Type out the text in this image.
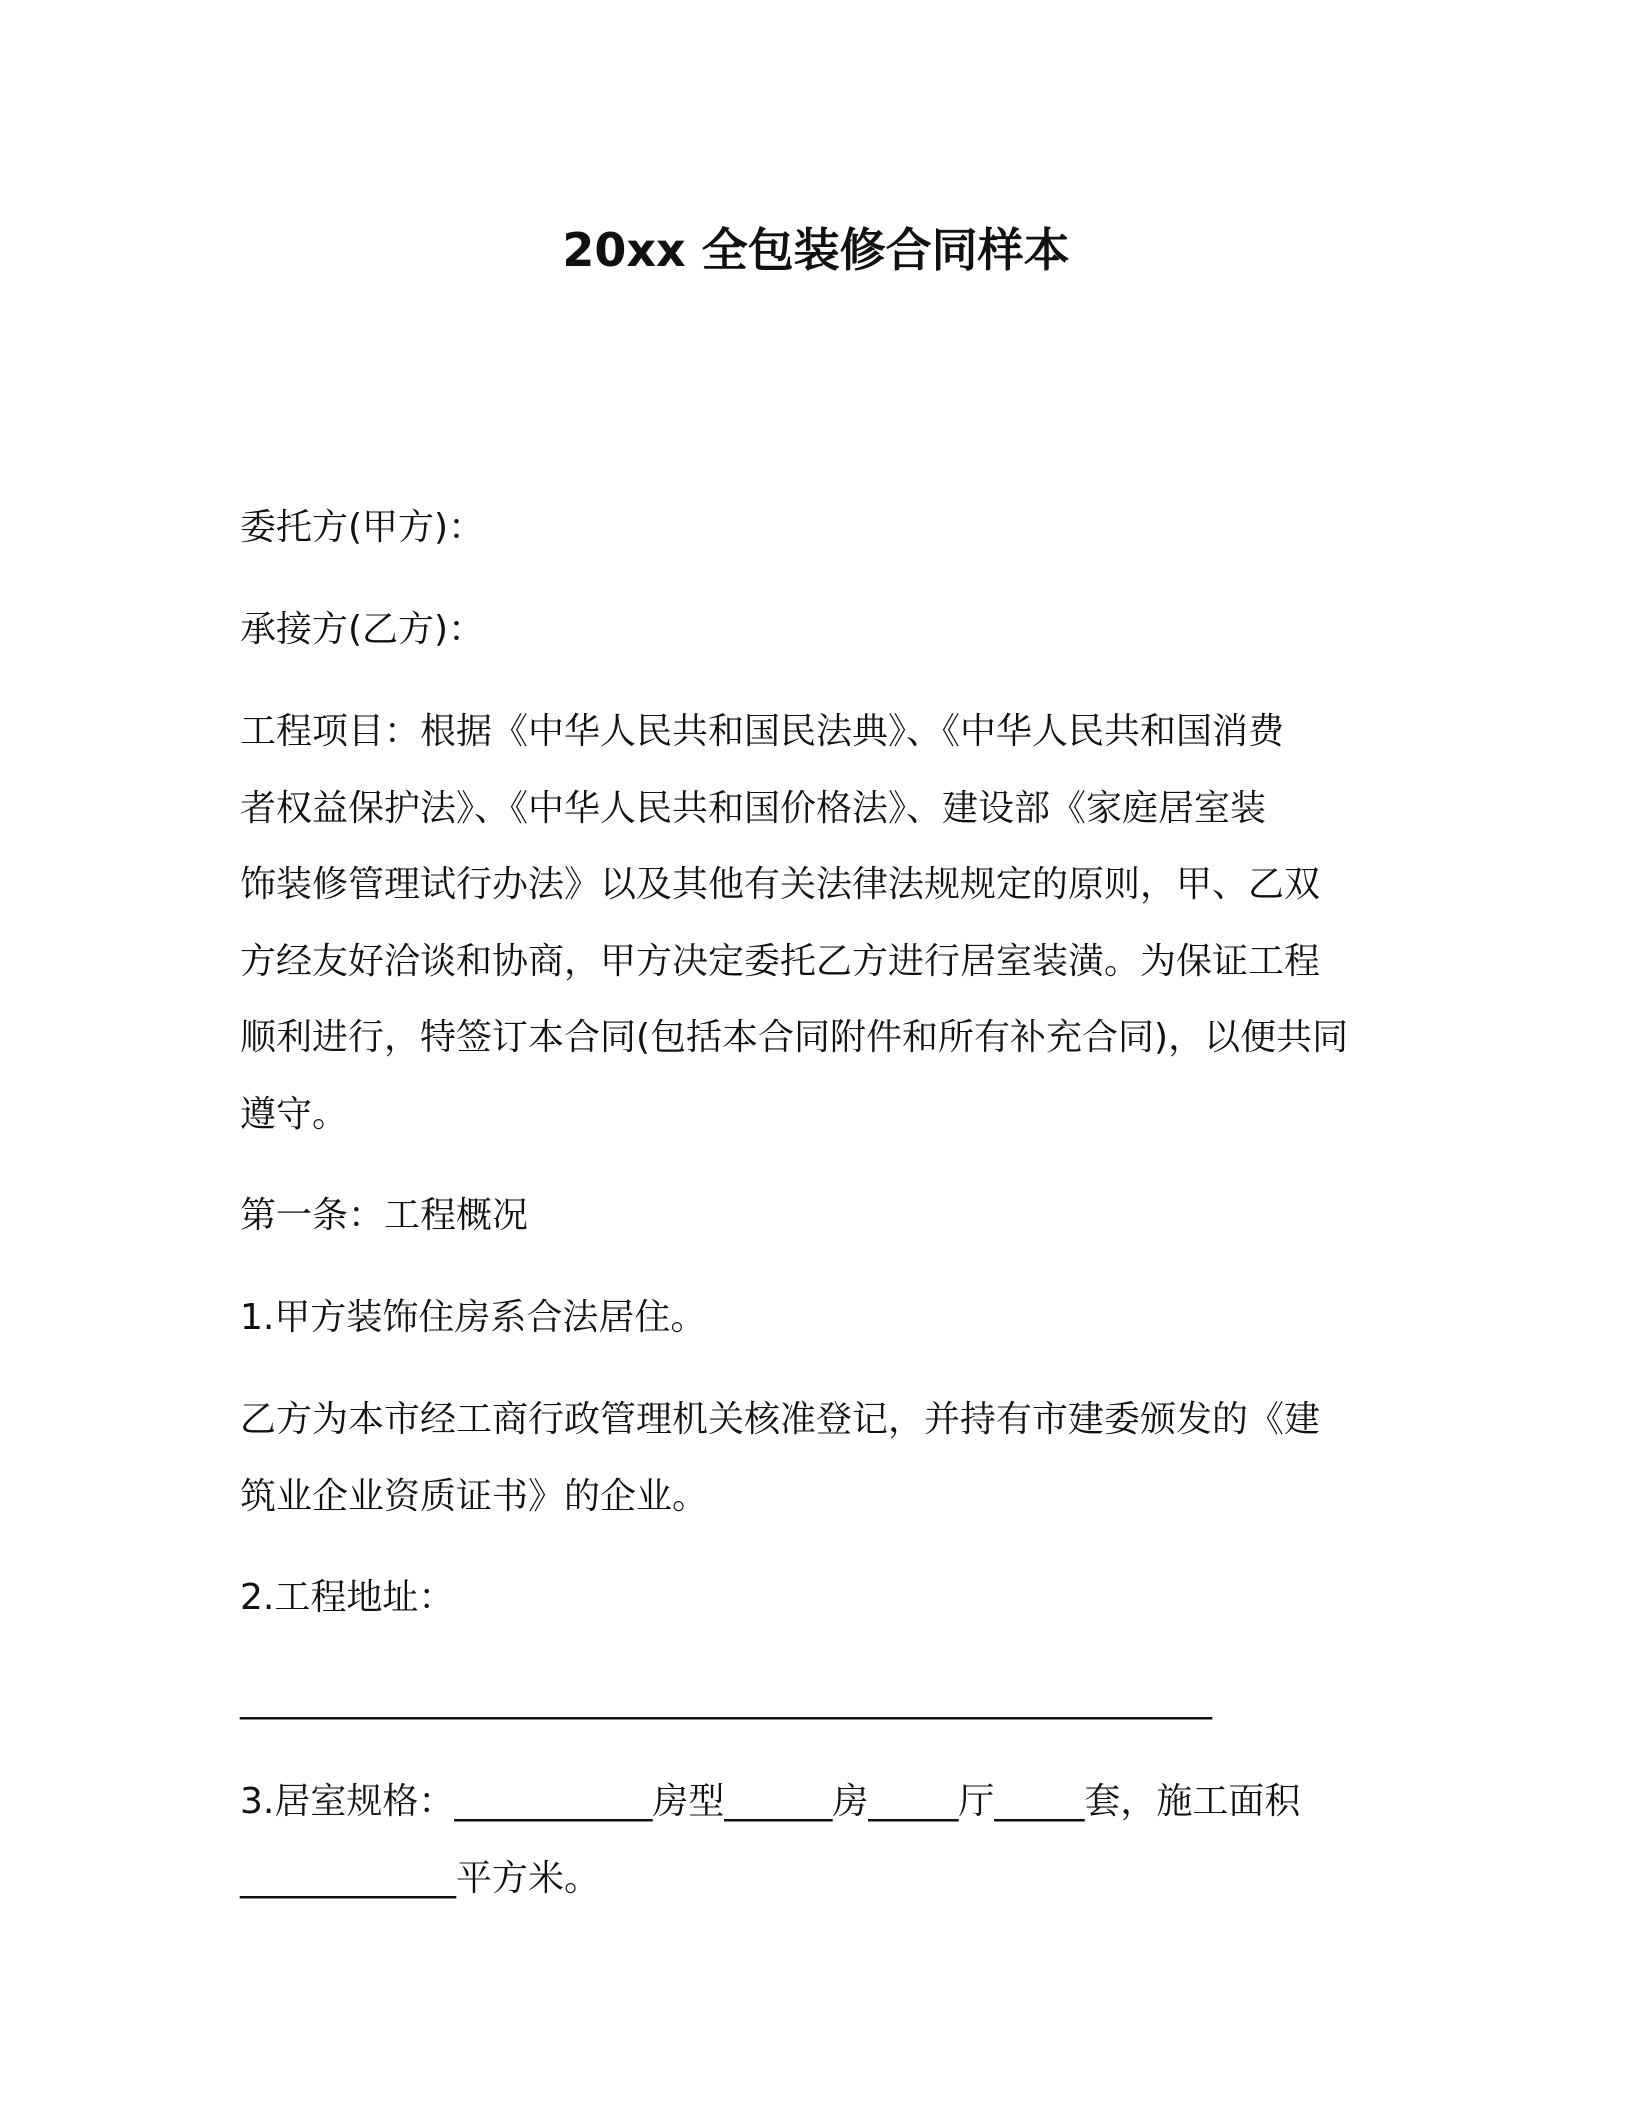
20xx 全包装修合同样本
委托方(甲方)：
承接方(乙方)：
工程项目：根据《中华人民共和国民法典》、《中华人民共和国消费
者权益保护法》、《中华人民共和国价格法》、建设部《家庭居室装
饰装修管理试行办法》以及其他有关法律法规规定的原则，甲、乙双
方经友好洽谈和协商，甲方决定委托乙方进行居室装潢。为保证工程
顺利进行，特签订本合同(包括本合同附件和所有补充合同)，以便共同
遵守。
第一条：工程概况
1.甲方装饰住房系合法居住。
乙方为本市经工商行政管理机关核准登记，并持有市建委颁发的《建
筑业企业资质证书》的企业。
2.工程地址：
______________________________________________________
3.居室规格：___________房型______房_____厅_____套，施工面积
____________平方米。
